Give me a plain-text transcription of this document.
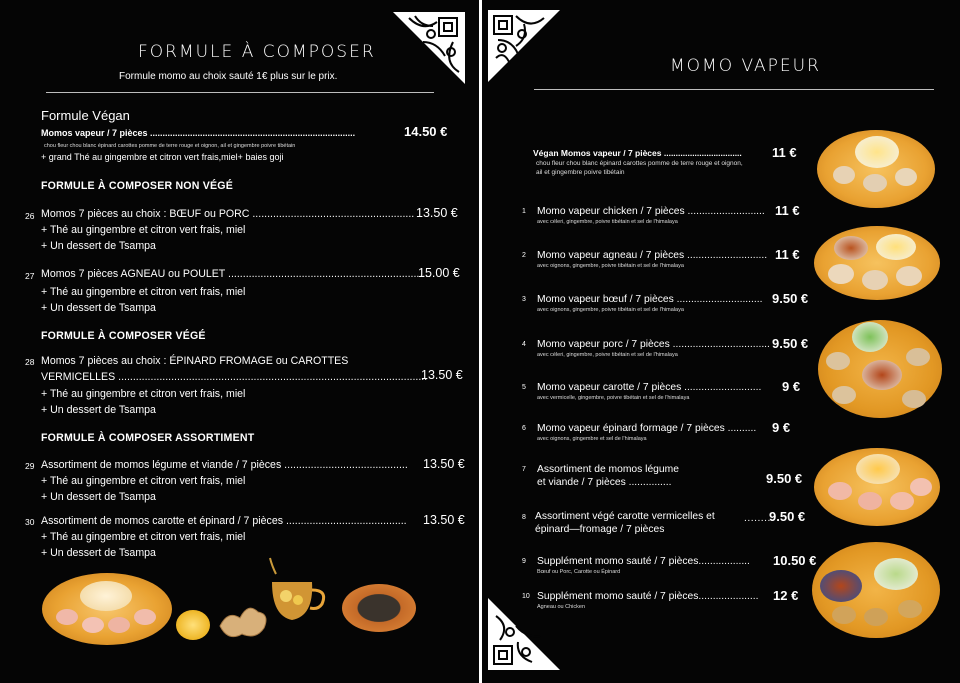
FORMULE À COMPOSER
Formule momo au choix sauté 1€ plus sur le prix.
Formule Végan
Momos vapeur / 7 pièces ..................................................................................	14.50 €
chou fleur chou blanc épinard carottes pomme de terre rouge et oignon, ail et gingembre poivre tibétain
+ grand Thé au gingembre et citron vert frais,miel+ baies goji
FORMULE À COMPOSER NON VÉGÉ
26 Momos 7 pièces au choix : BŒUF ou PORC ....................................................... 13.50 €
+ Thé au gingembre et citron vert frais, miel
+ Un dessert de Tsampa
27 Momos 7 pièces AGNEAU ou POULET .....................................................................
15.00 €
+ Thé au gingembre et citron vert frais, miel
+ Un dessert de Tsampa
FORMULE À COMPOSER VÉGÉ
28 Momos 7 pièces au choix : ÉPINARD FROMAGE ou CAROTTES
VERMICELLES .........................................................................................................
13.50 €
+ Thé au gingembre et citron vert frais, miel
+ Un dessert de Tsampa
FORMULE À COMPOSER ASSORTIMENT
29 Assortiment de momos légume et viande / 7 pièces .......................................... 13.50 €
+ Thé au gingembre et citron vert frais, miel
+ Un dessert de Tsampa
30 Assortiment de momos carotte et épinard / 7 pièces ......................................... 13.50 €
+ Thé au gingembre et citron vert frais, miel
+ Un dessert de Tsampa
MOMO VAPEUR
Végan Momos vapeur / 7 pièces ................................. 11 €
chou fleur chou blanc épinard carottes pomme de terre rouge et oignon,
ail et gingembre poivre tibétain
1 Momo vapeur chicken / 7 pièces ........................... 11 €
avec céleri, gingembre, poivre tibétain et sel de l'himalaya
2 Momo vapeur agneau / 7 pièces ............................ 11 €
avec oignons, gingembre, poivre tibétain et sel de l'himalaya
3 Momo vapeur bœuf / 7 pièces .............................. 9.50 €
avec oignons, gingembre, poivre tibétain et sel de l'himalaya
4 Momo vapeur porc / 7 pièces .................................. 9.50 €
avec céleri, gingembre, poivre tibétain et sel de l'himalaya
5 Momo vapeur carotte / 7 pièces ........................... 9 €
avec vermicelle, gingembre, poivre tibétain et sel de l'himalaya
6 Momo vapeur épinard formage / 7 pièces .......... 9 €
avec oignons, gingembre et sel de l'himalaya
7 Assortiment de momos légume
et viande / 7 pièces ...............	9.50 €
8 Assortiment végé carotte vermicelles et
épinard—fromage / 7 pièces
.........
9.50 €
9 Supplément momo sauté / 7 pièces.................. 10.50 €
Bœuf ou Porc, Carotte ou Épinard
10 Supplément momo sauté / 7 pièces..................... 12 €
Agneau ou Chicken
